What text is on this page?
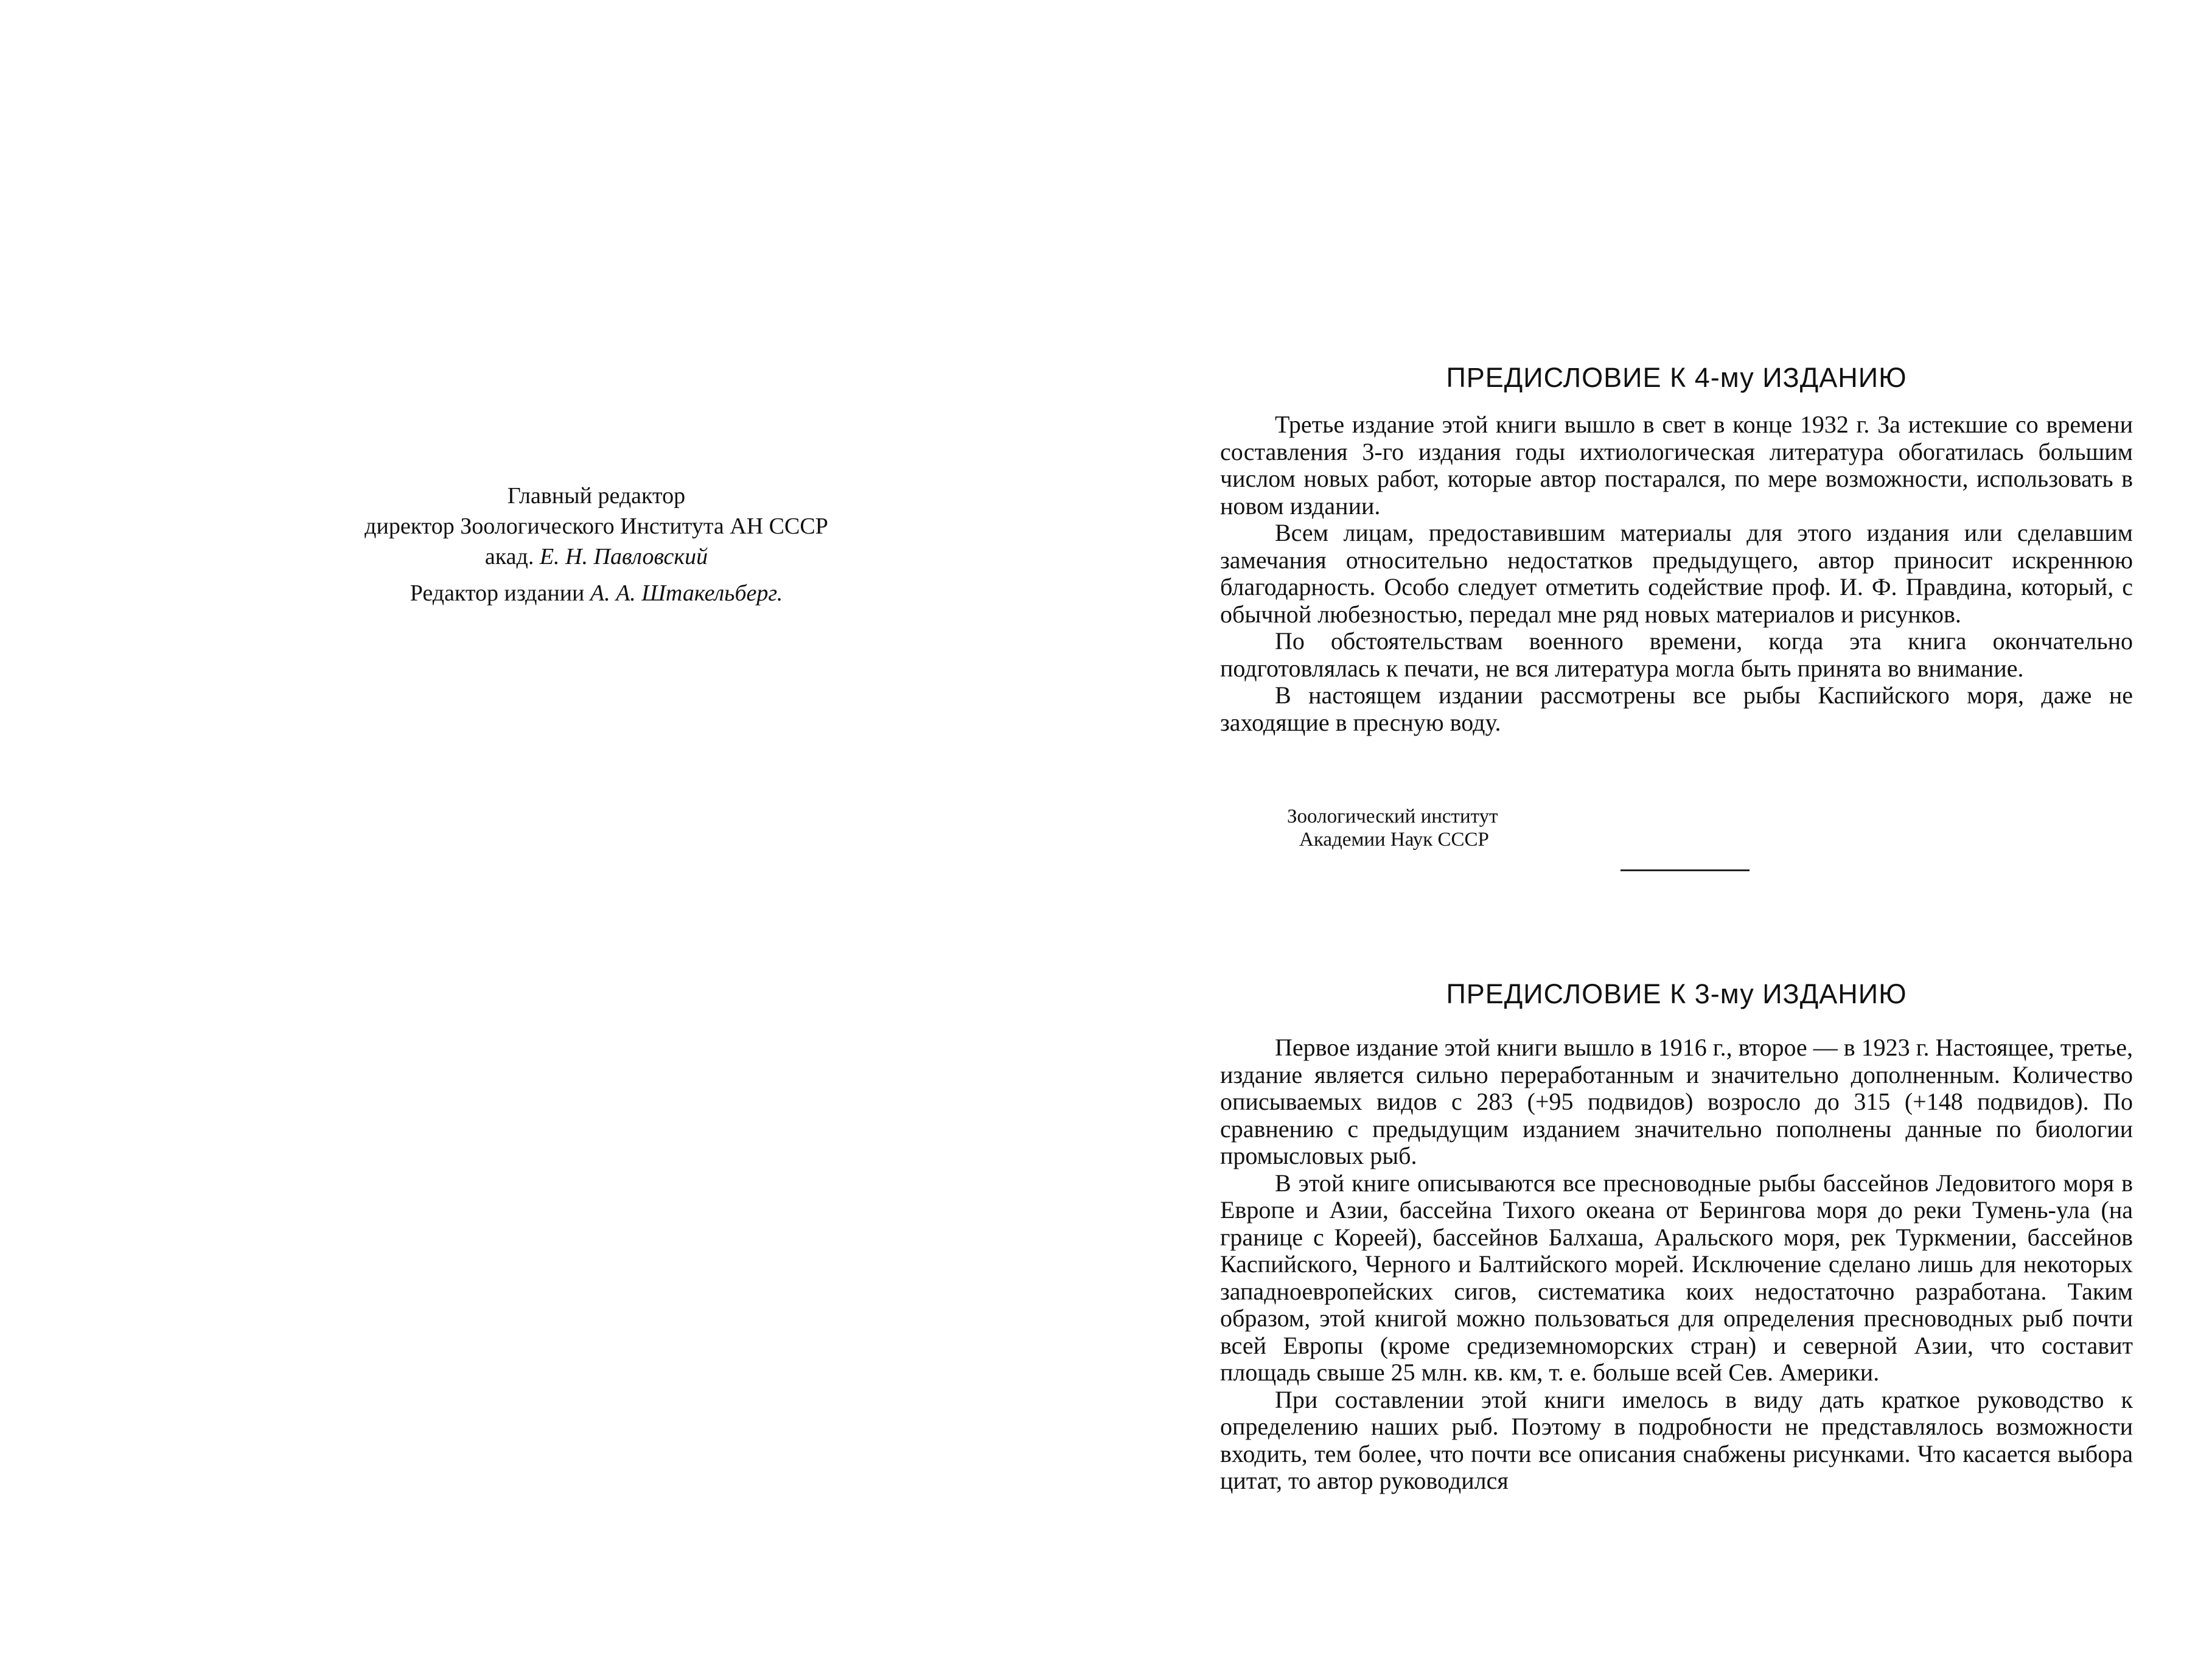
Главный редактор
директор Зоологического Института АН СССР
акад. Е. Н. Павловский
Редактор издании А. А. Штакельберг.
ПРЕДИСЛОВИЕ К 4-му ИЗДАНИЮ

Третье издание этой книги вышло в свет в конце 1932 г. За истекшие со времени составления 3-го издания годы ихтиологическая литература обогатилась большим числом новых работ, которые автор постарался, по мере возможности, использовать в новом издании.

Всем лицам, предоставившим материалы для этого издания или сделавшим замечания относительно недостатков предыдущего, автор приносит искреннюю благодарность. Особо следует отметить содействие проф. И. Ф. Правдина, который, с обычной любезностью, передал мне ряд новых материалов и рисунков.

По обстоятельствам военного времени, когда эта книга окончательно подготовлялась к печати, не вся литература могла быть принята во внимание.

В настоящем издании рассмотрены все рыбы Каспийского моря, даже не заходящие в пресную воду.

Зоологический институт
Академии Наук СССР
ПРЕДИСЛОВИЕ К 3-му ИЗДАНИЮ

Первое издание этой книги вышло в 1916 г., второе — в 1923 г. Настоящее, третье, издание является сильно переработанным и значительно дополненным. Количество описываемых видов с 283 (+95 подвидов) возросло до 315 (+148 подвидов). По сравнению с предыдущим изданием значительно пополнены данные по биологии промысловых рыб.

В этой книге описываются все пресноводные рыбы бассейнов Ледовитого моря в Европе и Азии, бассейна Тихого океана от Берингова моря до реки Тумень-ула (на границе с Кореей), бассейнов Балхаша, Аральского моря, рек Туркмении, бассейнов Каспийского, Черного и Балтийского морей. Исключение сделано лишь для некоторых западноевропейских сигов, систематика коих недостаточно разработана. Таким образом, этой книгой можно пользоваться для определения пресноводных рыб почти всей Европы (кроме средиземноморских стран) и северной Азии, что составит площадь свыше 25 млн. кв. км, т. е. больше всей Сев. Америки.

При составлении этой книги имелось в виду дать краткое руководство к определению наших рыб. Поэтому в подробности не представлялось возможности входить, тем более, что почти все описания снабжены рисунками. Что касается выбора цитат, то автор руководился
